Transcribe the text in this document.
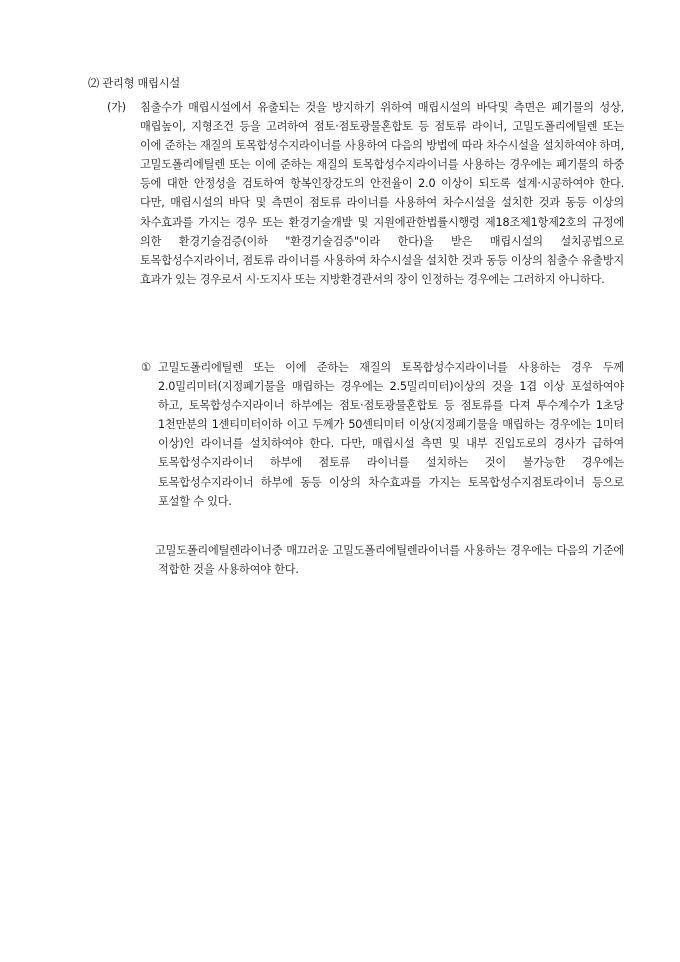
⑵ 관리형 매립시설
(가)	침출수가 매립시설에서 유출되는 것을 방지하기 위하여 매립시설의 바닥및 측면은 폐기물의 성상, 매립높이, 지형조건 등을 고려하여 점토·점토광물혼합토 등 점토류 라이너, 고밀도폴리에틸렌 또는 이에 준하는 재질의 토목합성수지라이너를 사용하여 다음의 방법에 따라 차수시설을 설치하여야 하며, 고밀도폴리에틸렌 또는 이에 준하는 재질의 토목합성수지라이너를 사용하는 경우에는 폐기물의 하중 등에 대한 안정성을 검토하여 항복인장강도의 안전율이 2.0 이상이 되도록 설계·시공하여야 한다. 다만, 매립시설의 바닥 및 측면이 점토류 라이너를 사용하여 차수시설을 설치한 것과 동등 이상의 차수효과를 가지는 경우 또는 환경기술개발 및 지원에관한법률시행령 제18조제1항제2호의 규정에 의한 환경기술검증(이하 "환경기술검증"이라 한다)을 받은 매립시설의 설치공법으로 토목합성수지라이너, 점토류 라이너를 사용하여 차수시설을 설치한 것과 동등 이상의 침출수 유출방지 효과가 있는 경우로서 시·도지사 또는 지방환경관서의 장이 인정하는 경우에는 그러하지 아니하다.
① 고밀도폴리에틸렌 또는 이에 준하는 재질의 토목합성수지라이너를 사용하는 경우 두께 2.0밀리미터(지정폐기물을 매립하는 경우에는 2.5밀리미터)이상의 것을 1겹 이상 포설하여야 하고, 토목합성수지라이너 하부에는 점토·점토광물혼합토 등 점토류를 다져 투수계수가 1초당 1천만분의 1센티미터이하 이고 두께가 50센티미터 이상(지정폐기물을 매립하는 경우에는 1미터 이상)인 라이너를 설치하여야 한다. 다만, 매립시설 측면 및 내부 진입도로의 경사가 급하여 토목합성수지라이너 하부에 점토류 라이너를 설치하는 것이 불가능한 경우에는 토목합성수지라이너 하부에 동등 이상의 차수효과를 가지는 토목합성수지점토라이너 등으로 포설할 수 있다.
고밀도폴리에틸렌라이너중 매끄러운 고밀도폴리에틸렌라이너를 사용하는 경우에는 다음의 기준에 적합한 것을 사용하여야 한다.
